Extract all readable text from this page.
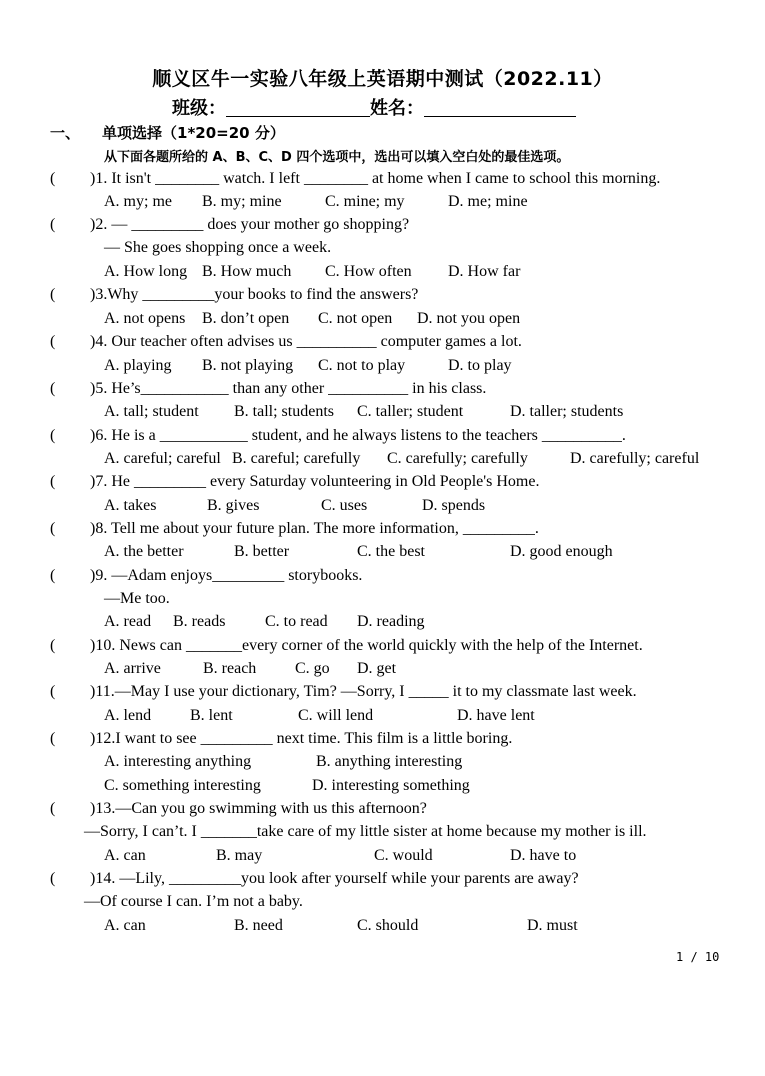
顺义区牛一实验八年级上英语期中测试（2022.11）
班级：	姓名：
一、 单项选择（1*20=20 分）
从下面各题所给的 A、B、C、D 四个选项中，选出可以填入空白处的最佳选项。
( )1. It isn't ________ watch. I left ________ at home when I came to school this morning.
A. my; me B. my; mine	C. mine; my	D. me; mine
( )2. — _________ does your mother go shopping?
— She goes shopping once a week.
A. How long B. How much C. How often D. How far
( )3.Why _________your books to find the answers?
A. not opens B. don’t open C. not open D. not you open
( )4. Our teacher often advises us __________ computer games a lot.
A. playing B. not playing C. not to play	D. to play
( )5. He’s___________ than any other __________ in his class.
A. tall; student B. tall; students C. taller; student	D. taller; students
( )6. He is a ___________ student, and he always listens to the teachers __________.
A. careful; careful B. careful; carefully C. carefully; carefully	D. carefully; careful
( )7. He _________ every Saturday volunteering in Old People's Home.
A. takes	B. gives	C. uses	D. spends
( )8. Tell me about your future plan. The more information, _________.
A. the better	B. better	C. the best	D. good enough
( )9. —Adam enjoys_________ storybooks.
—Me too.
A. read B. reads C. to read D. reading
( )10. News can _______every corner of the world quickly with the help of the Internet.
A. arrive	B. reach C. go D. get
( )11.—May I use your dictionary, Tim? —Sorry, I _____ it to my classmate last week.
A. lend B. lent	C. will lend	D. have lent
( )12.I want to see _________ next time. This film is a little boring.
A. interesting anything	B. anything interesting
C. something interesting	D. interesting something
( )13.—Can you go swimming with us this afternoon?
—Sorry, I can’t. I _______take care of my little sister at home because my mother is ill.
A. can	B. may	C. would	D. have to
( )14. —Lily, _________you look after yourself while your parents are away?
—Of course I can. I’m not a baby.
A. can	B. need	C. should	D. must
1 / 10
